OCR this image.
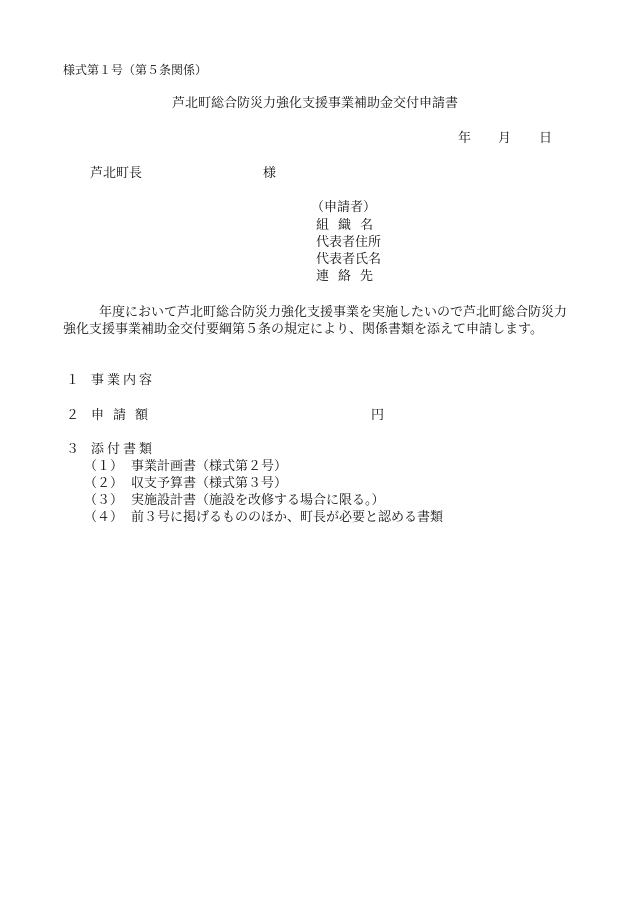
様式第１号（第５条関係）
芦北町総合防災力強化支援事業補助金交付申請書
年 月 日
芦北町長	様
（申請者）
組織名
代表者住所
代表者氏名
連絡先
年度において芦北町総合防災力強化支援事業を実施したいので芦北町総合防災力強化支援事業補助金交付要綱第５条の規定により、関係書類を添えて申請します。
１ 事業内容
２ 申請額	円
３ 添付書類
（１） 事業計画書（様式第２号）
（２） 収支予算書（様式第３号）
（３） 実施設計書（施設を改修する場合に限る。）
（４） 前３号に掲げるもののほか、町長が必要と認める書類
